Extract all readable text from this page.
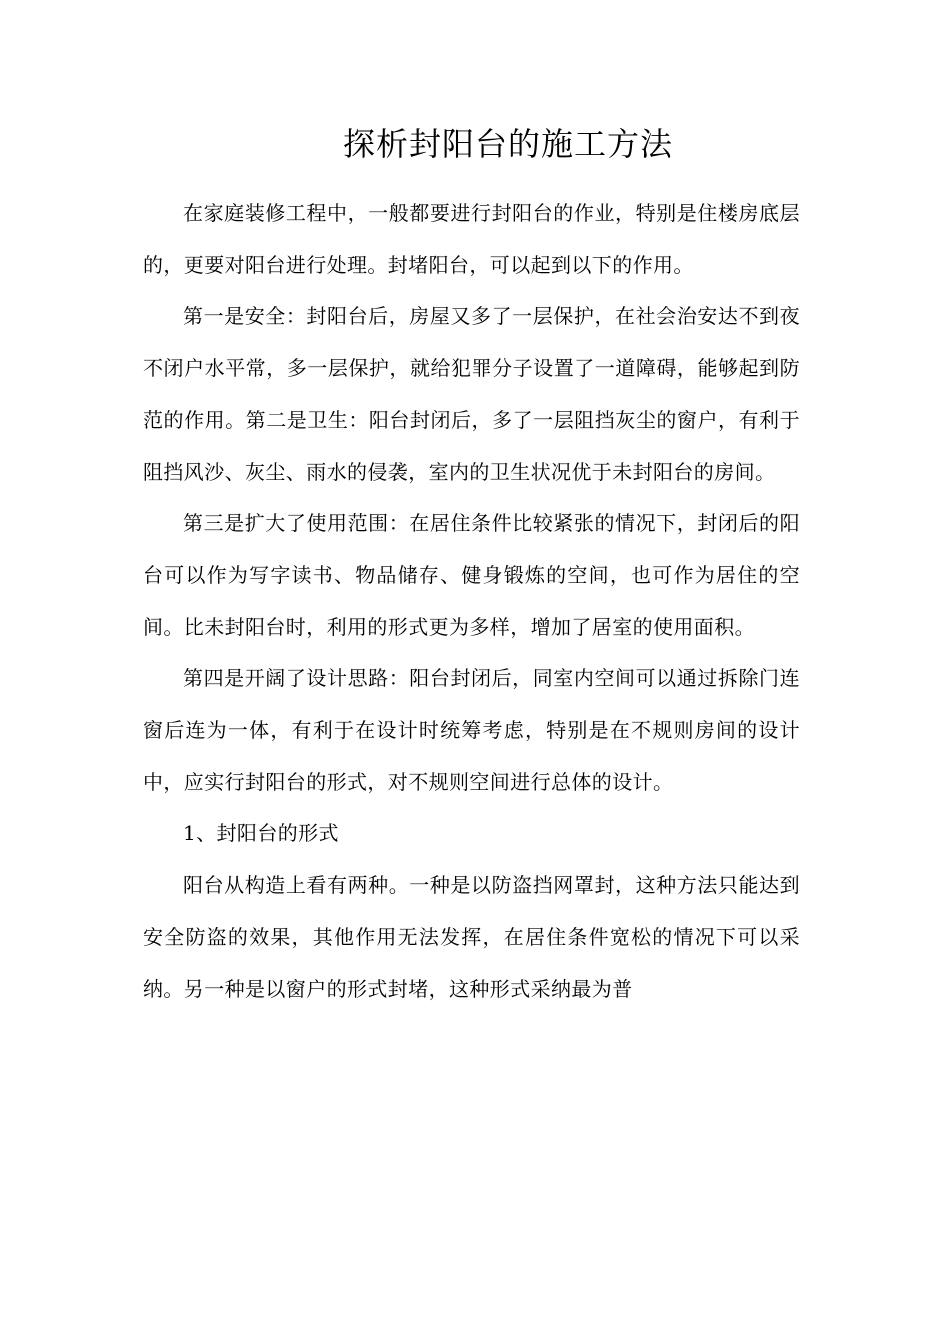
探析封阳台的施工方法

在家庭装修工程中，一般都要进行封阳台的作业，特别是住楼房底层的，更要对阳台进行处理。封堵阳台，可以起到以下的作用。

第一是安全：封阳台后，房屋又多了一层保护，在社会治安达不到夜不闭户水平常，多一层保护，就给犯罪分子设置了一道障碍，能够起到防范的作用。第二是卫生：阳台封闭后，多了一层阻挡灰尘的窗户，有利于阻挡风沙、灰尘、雨水的侵袭，室内的卫生状况优于未封阳台的房间。

第三是扩大了使用范围：在居住条件比较紧张的情况下，封闭后的阳台可以作为写字读书、物品储存、健身锻炼的空间，也可作为居住的空间。比未封阳台时，利用的形式更为多样，增加了居室的使用面积。

第四是开阔了设计思路：阳台封闭后，同室内空间可以通过拆除门连窗后连为一体，有利于在设计时统筹考虑，特别是在不规则房间的设计中，应实行封阳台的形式，对不规则空间进行总体的设计。

1、封阳台的形式

阳台从构造上看有两种。一种是以防盗挡网罩封，这种方法只能达到安全防盗的效果，其他作用无法发挥，在居住条件宽松的情况下可以采纳。另一种是以窗户的形式封堵，这种形式采纳最为普
